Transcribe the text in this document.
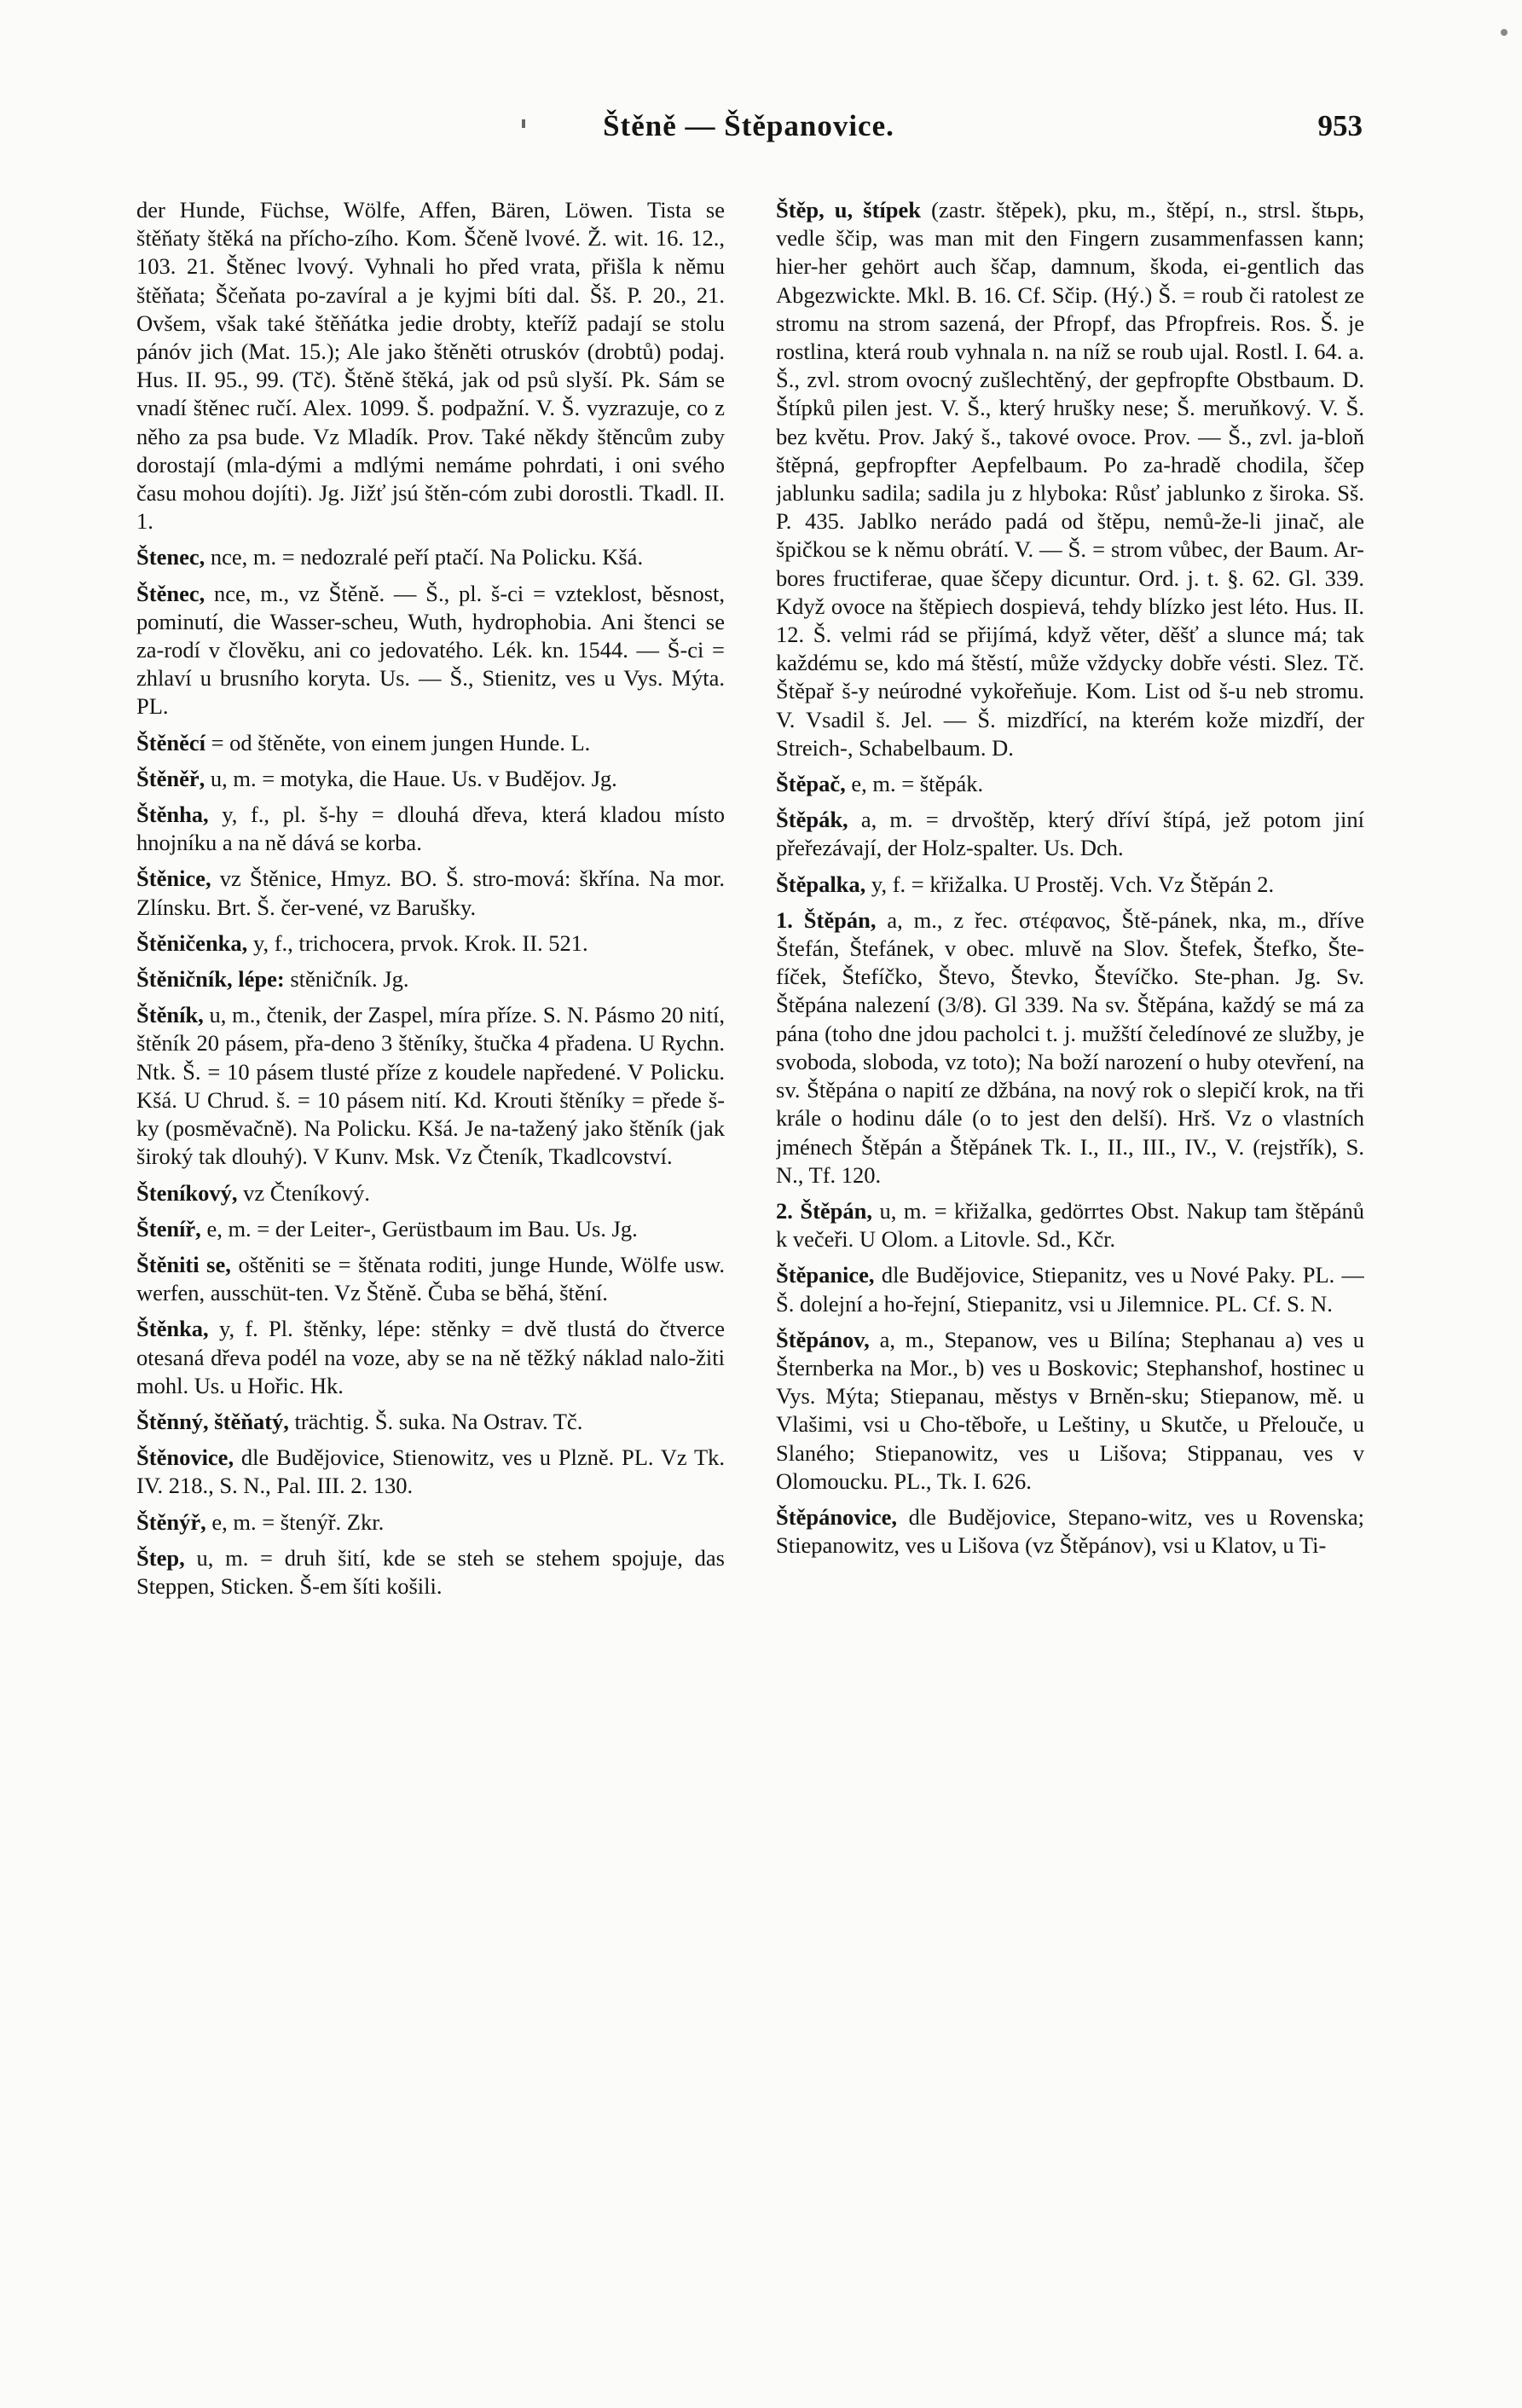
Štěně — Štěpanovice.	953

der Hunde, Füchse, Wölfe, Affen, Bären, Löwen. Tista se štěňaty štěká na přícho-zího. Kom. Ščeně lvové. Ž. wit. 16. 12., 103. 21. Štěnec lvový. Vyhnali ho před vrata, přišla k němu štěňata; Ščeňata po-zavíral a je kyjmi bíti dal. Šš. P. 20., 21. Ovšem, však také štěňátka jedie drobty, kteříž padají se stolu pánóv jich (Mat. 15.); Ale jako štěněti otruskóv (drobtů) podaj. Hus. II. 95., 99. (Tč). Štěně štěká, jak od psů slyší. Pk. Sám se vnadí štěnec ručí. Alex. 1099. Š. podpažní. V. Š. vyzrazuje, co z něho za psa bude. Vz Mladík. Prov. Také někdy štěncům zuby dorostají (mla-dými a mdlými nemáme pohrdati, i oni svého času mohou dojíti). Jg. Jižť jsú štěn-cóm zubi dorostli. Tkadl. II. 1.

Štenec, nce, m. = nedozralé peří ptačí. Na Policku. Kšá.

Štěnec, nce, m., vz Štěně. — Š., pl. š-ci = vzteklost, běsnost, pominutí, die Wasser-scheu, Wuth, hydrophobia. Ani štenci se za-rodí v člověku, ani co jedovatého. Lék. kn. 1544. — Š-ci = zhlaví u brusního koryta. Us. — Š., Stienitz, ves u Vys. Mýta. PL.

Štěněcí = od štěněte, von einem jungen Hunde. L.

Štěněř, u, m. = motyka, die Haue. Us. v Budějov. Jg.

Štěnha, y, f., pl. š-hy = dlouhá dřeva, která kladou místo hnojníku a na ně dává se korba.

Štěnice, vz Štěnice, Hmyz. BO. Š. stro-mová: škřína. Na mor. Zlínsku. Brt. Š. čer-vené, vz Barušky.

Štěničenka, y, f., trichocera, prvok. Krok. II. 521.

Štěničník, lépe: stěničník. Jg.

Štěník, u, m., čtenik, der Zaspel, míra příze. S. N. Pásmo 20 nití, štěník 20 pásem, přa-deno 3 štěníky, štučka 4 přadena. U Rychn. Ntk. Š. = 10 pásem tlusté příze z koudele napředené. V Policku. Kšá. U Chrud. š. = 10 pásem nití. Kd. Krouti štěníky = přede š-ky (posměvačně). Na Policku. Kšá. Je na-tažený jako štěník (jak široký tak dlouhý). V Kunv. Msk. Vz Čteník, Tkadlcovství.

Šteníkový, vz Čteníkový.

Šteníř, e, m. = der Leiter-, Gerüstbaum im Bau. Us. Jg.

Štěniti se, oštěniti se = štěnata roditi, junge Hunde, Wölfe usw. werfen, ausschüt-ten. Vz Štěně. Čuba se běhá, štění.

Štěnka, y, f. Pl. štěnky, lépe: stěnky = dvě tlustá do čtverce otesaná dřeva podél na voze, aby se na ně těžký náklad nalo-žiti mohl. Us. u Hořic. Hk.

Štěnný, štěňatý, trächtig. Š. suka. Na Ostrav. Tč.

Štěnovice, dle Budějovice, Stienowitz, ves u Plzně. PL. Vz Tk. IV. 218., S. N., Pal. III. 2. 130.

Štěnýř, e, m. = štenýř. Zkr.

Štep, u, m. = druh šití, kde se steh se stehem spojuje, das Steppen, Sticken. Š-em šíti košili.

Štěp, u, štípek (zastr. štěpek), pku, m., štěpí, n., strsl. štьрь, vedle ščip, was man mit den Fingern zusammenfassen kann; hier-her gehört auch ščap, damnum, škoda, ei-gentlich das Abgezwickte. Mkl. B. 16. Cf. Sčip. (Hý.) Š. = roub či ratolest ze stromu na strom sazená, der Pfropf, das Pfropfreis. Ros. Š. je rostlina, která roub vyhnala n. na níž se roub ujal. Rostl. I. 64. a. Š., zvl. strom ovocný zušlechtěný, der gepfropfte Obstbaum. D. Štípků pilen jest. V. Š., který hrušky nese; Š. meruňkový. V. Š. bez květu. Prov. Jaký š., takové ovoce. Prov. — Š., zvl. ja-bloň štěpná, gepfropfter Aepfelbaum. Po za-hradě chodila, ščep jablunku sadila; sadila ju z hlyboka: Růsť jablunko z široka. Sš. P. 435. Jablko nerádo padá od štěpu, nemů-že-li jinač, ale špičkou se k němu obrátí. V. — Š. = strom vůbec, der Baum. Ar-bores fructiferae, quae ščepy dicuntur. Ord. j. t. §. 62. Gl. 339. Když ovoce na štěpiech dospievá, tehdy blízko jest léto. Hus. II. 12. Š. velmi rád se přijímá, když věter, děšť a slunce má; tak každému se, kdo má štěstí, může vždycky dobře vésti. Slez. Tč. Štěpař š-y neúrodné vykořeňuje. Kom. List od š-u neb stromu. V. Vsadil š. Jel. — Š. mizdřící, na kterém kože mizdří, der Streich-, Schabelbaum. D.

Štěpač, e, m. = štěpák.

Štěpák, a, m. = drvoštěp, který dříví štípá, jež potom jiní přeřezávají, der Holz-spalter. Us. Dch.

Štěpalka, y, f. = křižalka. U Prostěj. Vch. Vz Štěpán 2.

1. Štěpán, a, m., z řec. στέφανος, Ště-pánek, nka, m., dříve Štefán, Štefánek, v obec. mluvě na Slov. Štefek, Štefko, Šte-fíček, Štefíčko, Števo, Števko, Števíčko. Ste-phan. Jg. Sv. Štěpána nalezení (3/8). Gl 339. Na sv. Štěpána, každý se má za pána (toho dne jdou pacholci t. j. mužští čeledínové ze služby, je svoboda, sloboda, vz toto); Na boží narození o huby otevření, na sv. Štěpána o napití ze džbána, na nový rok o slepičí krok, na tři krále o hodinu dále (o to jest den delší). Hrš. Vz o vlastních jménech Štěpán a Štěpánek Tk. I., II., III., IV., V. (rejstřík), S. N., Tf. 120.

2. Štěpán, u, m. = křižalka, gedörrtes Obst. Nakup tam štěpánů k večeři. U Olom. a Litovle. Sd., Kčr.

Štěpanice, dle Budějovice, Stiepanitz, ves u Nové Paky. PL. — Š. dolejní a ho-řejní, Stiepanitz, vsi u Jilemnice. PL. Cf. S. N.

Štěpánov, a, m., Stepanow, ves u Bilína; Stephanau a) ves u Šternberka na Mor., b) ves u Boskovic; Stephanshof, hostinec u Vys. Mýta; Stiepanau, městys v Brněn-sku; Stiepanow, mě. u Vlašimi, vsi u Cho-těboře, u Leštiny, u Skutče, u Přelouče, u Slaného; Stiepanowitz, ves u Lišova; Stippanau, ves v Olomoucku. PL., Tk. I. 626.

Štěpánovice, dle Budějovice, Stepano-witz, ves u Rovenska; Stiepanowitz, ves u Lišova (vz Štěpánov), vsi u Klatov, u Ti-
